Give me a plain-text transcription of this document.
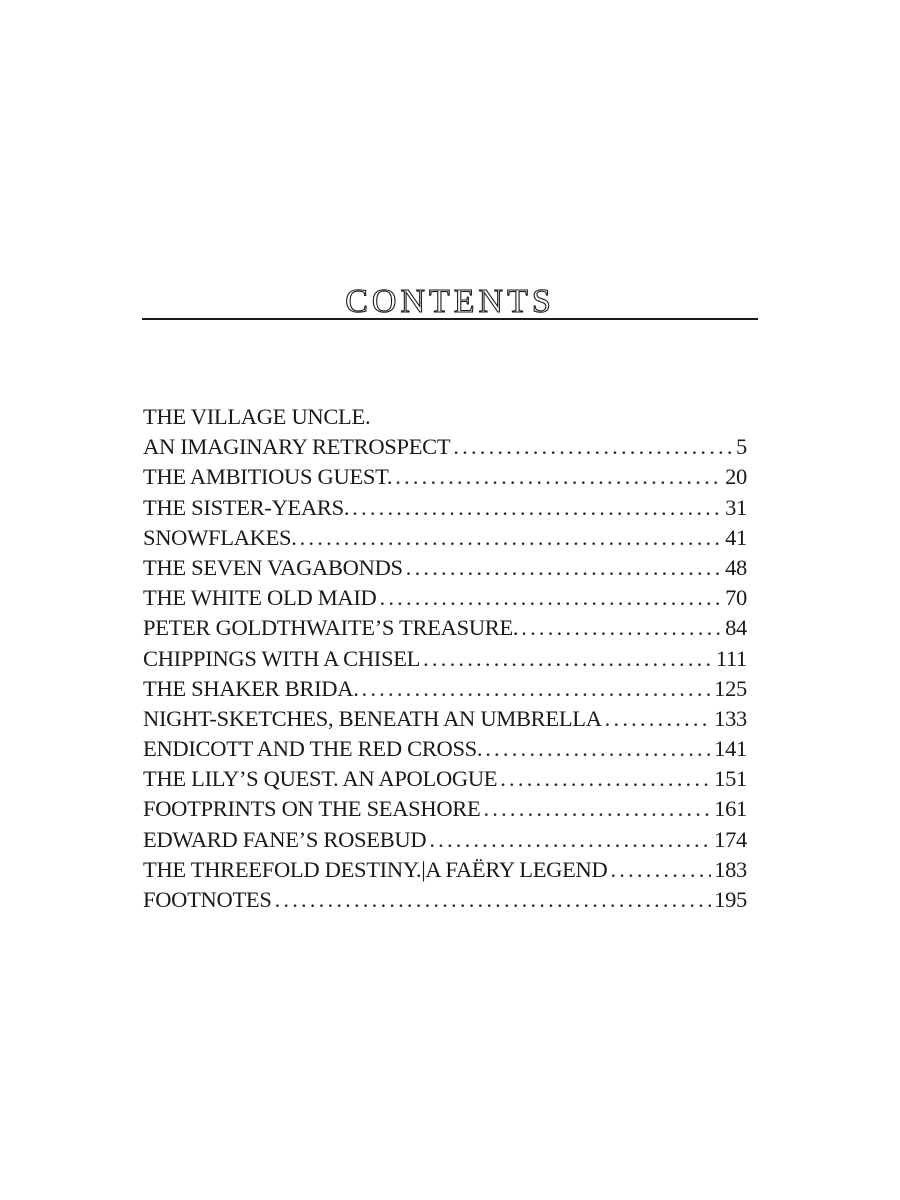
CONTENTS
THE VILLAGE UNCLE.
AN IMAGINARY RETROSPECT .....	5
THE AMBITIOUS GUEST. .....	20
THE SISTER-YEARS. .....	31
SNOWFLAKES. .....	41
THE SEVEN VAGABONDS .....	48
THE WHITE OLD MAID .....	70
PETER GOLDTHWAITE’S TREASURE. .....	84
CHIPPINGS WITH A CHISEL .....	111
THE SHAKER BRIDA. .....	125
NIGHT-SKETCHES, BENEATH AN UMBRELLA .....	133
ENDICOTT AND THE RED CROSS. .....	141
THE LILY’S QUEST. AN APOLOGUE .....	151
FOOTPRINTS ON THE SEASHORE .....	161
EDWARD FANE’S ROSEBUD .....	174
THE THREEFOLD DESTINY.|A FAËRY LEGEND .....	183
FOOTNOTES .....	195
